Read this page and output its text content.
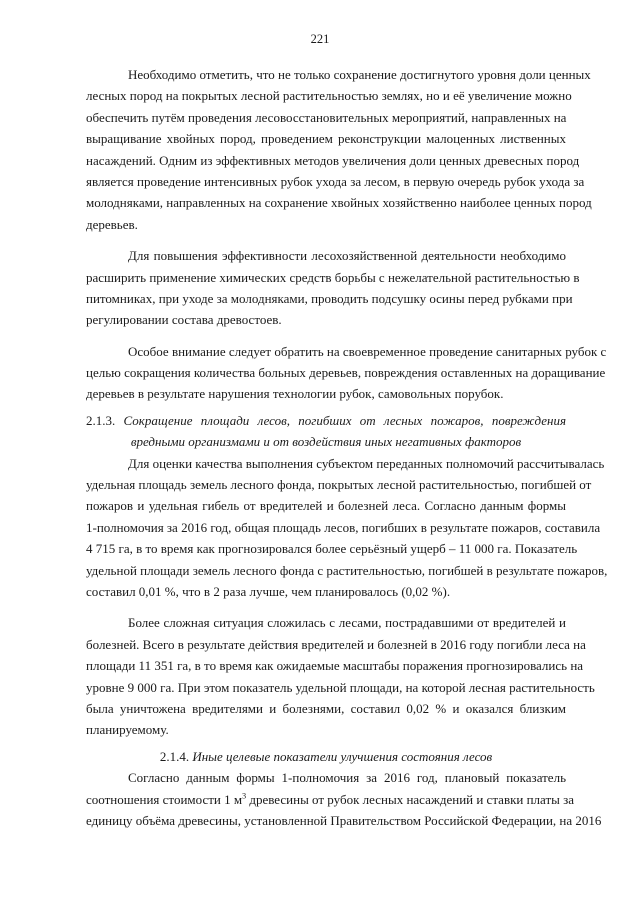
221
Необходимо отметить, что не только сохранение достигнутого уровня доли ценных
лесных пород на покрытых лесной растительностью землях, но и её увеличение можно
обеспечить путём проведения лесовосстановительных мероприятий, направленных на
выращивание хвойных пород, проведением реконструкции малоценных лиственных
насаждений. Одним из эффективных методов увеличения доли ценных древесных пород
является проведение интенсивных рубок ухода за лесом, в первую очередь рубок ухода за
молодняками, направленных на сохранение хвойных хозяйственно наиболее ценных пород
деревьев.
Для повышения эффективности лесохозяйственной деятельности необходимо
расширить применение химических средств борьбы с нежелательной растительностью в
питомниках, при уходе за молодняками, проводить подсушку осины перед рубками при
регулировании состава древостоев.
Особое внимание следует обратить на своевременное проведение санитарных рубок с
целью сокращения количества больных деревьев, повреждения оставленных на доращивание
деревьев в результате нарушения технологии рубок, самовольных порубок.
2.1.3. Сокращение площади лесов, погибших от лесных пожаров, повреждения
вредными организмами и от воздействия иных негативных факторов
Для оценки качества выполнения субъектом переданных полномочий рассчитывалась
удельная площадь земель лесного фонда, покрытых лесной растительностью, погибшей от
пожаров и удельная гибель от вредителей и болезней леса. Согласно данным формы
1-полномочия за 2016 год, общая площадь лесов, погибших в результате пожаров, составила
4 715 га, в то время как прогнозировался более серьёзный ущерб – 11 000 га. Показатель
удельной площади земель лесного фонда с растительностью, погибшей в результате пожаров,
составил 0,01 %, что в 2 раза лучше, чем планировалось (0,02 %).
Более сложная ситуация сложилась с лесами, пострадавшими от вредителей и
болезней. Всего в результате действия вредителей и болезней в 2016 году погибли леса на
площади 11 351 га, в то время как ожидаемые масштабы поражения прогнозировались на
уровне 9 000 га. При этом показатель удельной площади, на которой лесная растительность
была уничтожена вредителями и болезнями, составил 0,02 % и оказался близким
планируемому.
2.1.4. Иные целевые показатели улучшения состояния лесов
Согласно данным формы 1-полномочия за 2016 год, плановый показатель
соотношения стоимости 1 $м^3$ древесины от рубок лесных насаждений и ставки платы за
единицу объёма древесины, установленной Правительством Российской Федерации, на 2016
